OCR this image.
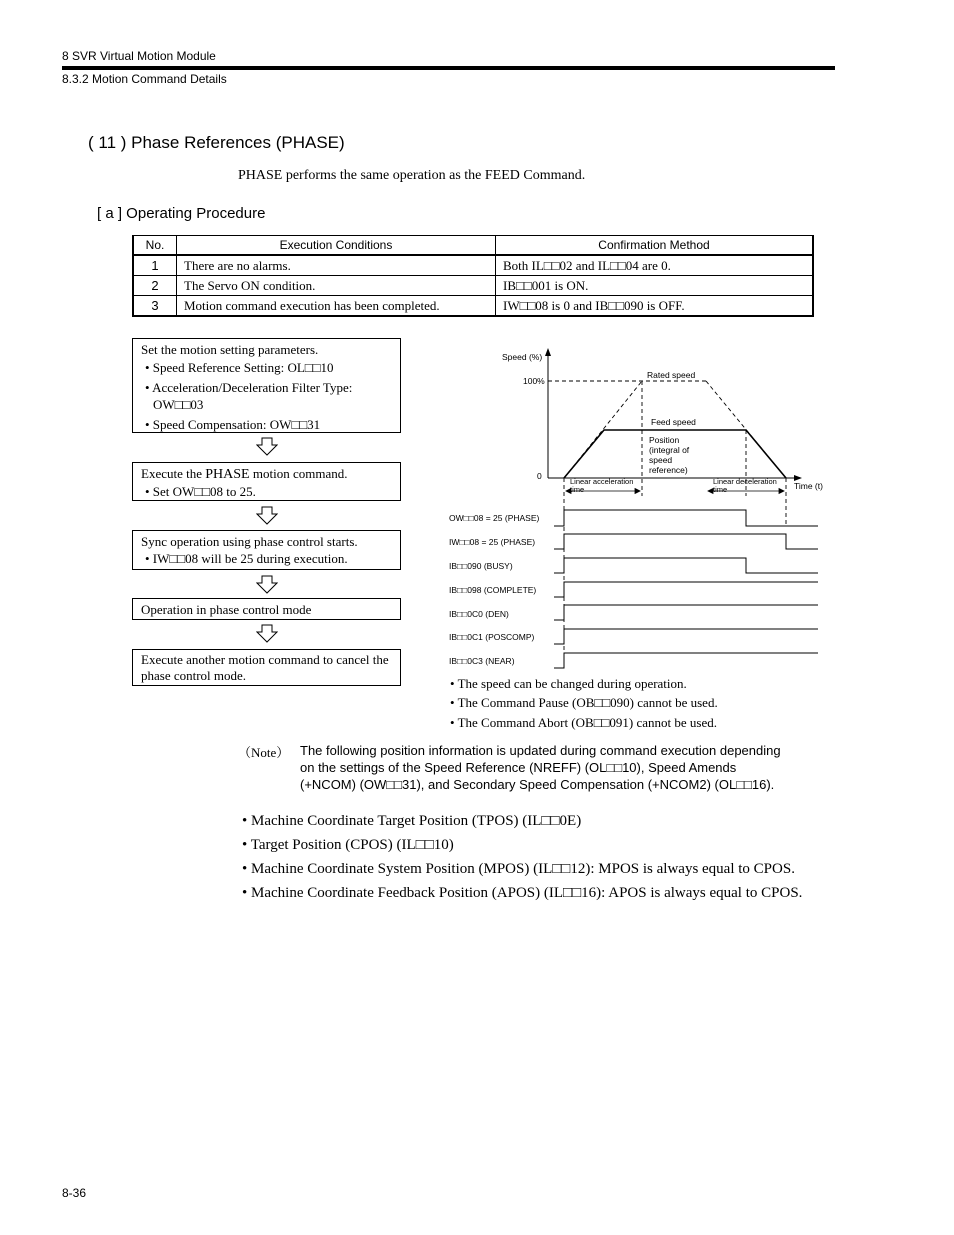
8 SVR Virtual Motion Module
8.3.2 Motion Command Details
( 11 ) Phase References (PHASE)
PHASE performs the same operation as the FEED Command.
[ a ] Operating Procedure
No.	Execution Conditions	Confirmation Method
1	There are no alarms.	Both IL□□02 and IL□□04 are 0.
2	The Servo ON condition.	IB□□001 is ON.
3	Motion command execution has been completed.	IW□□08 is 0 and IB□□090 is OFF.
Set the motion setting parameters.
• Speed Reference Setting: OL□□10
• Acceleration/Deceleration Filter Type:
OW□□03
• Speed Compensation: OW□□31
Execute the PHASE motion command.
• Set OW□□08 to 25.
Sync operation using phase control starts.
• IW□□08 will be 25 during execution.
Operation in phase control mode
Execute another motion command to cancel the phase control mode.
Speed (%)
100%
0
Time (t)
Rated speed
Feed speed
Position (integral of speed reference)
Linear acceleration time
Linear deceleration time
OW□□08 = 25 (PHASE)
IW□□08 = 25 (PHASE)
IB□□090 (BUSY)
IB□□098 (COMPLETE)
IB□□0C0 (DEN)
IB□□0C1 (POSCOMP)
IB□□0C3 (NEAR)
• The speed can be changed during operation.
• The Command Pause (OB□□090) cannot be used.
• The Command Abort (OB□□091) cannot be used.
（Note） The following position information is updated during command execution depending on the settings of the Speed Reference (NREFF) (OL□□10), Speed Amends (+NCOM) (OW□□31), and Secondary Speed Compensation (+NCOM2) (OL□□16).
• Machine Coordinate Target Position (TPOS) (IL□□0E)
• Target Position (CPOS) (IL□□10)
• Machine Coordinate System Position (MPOS) (IL□□12): MPOS is always equal to CPOS.
• Machine Coordinate Feedback Position (APOS) (IL□□16): APOS is always equal to CPOS.
8-36
